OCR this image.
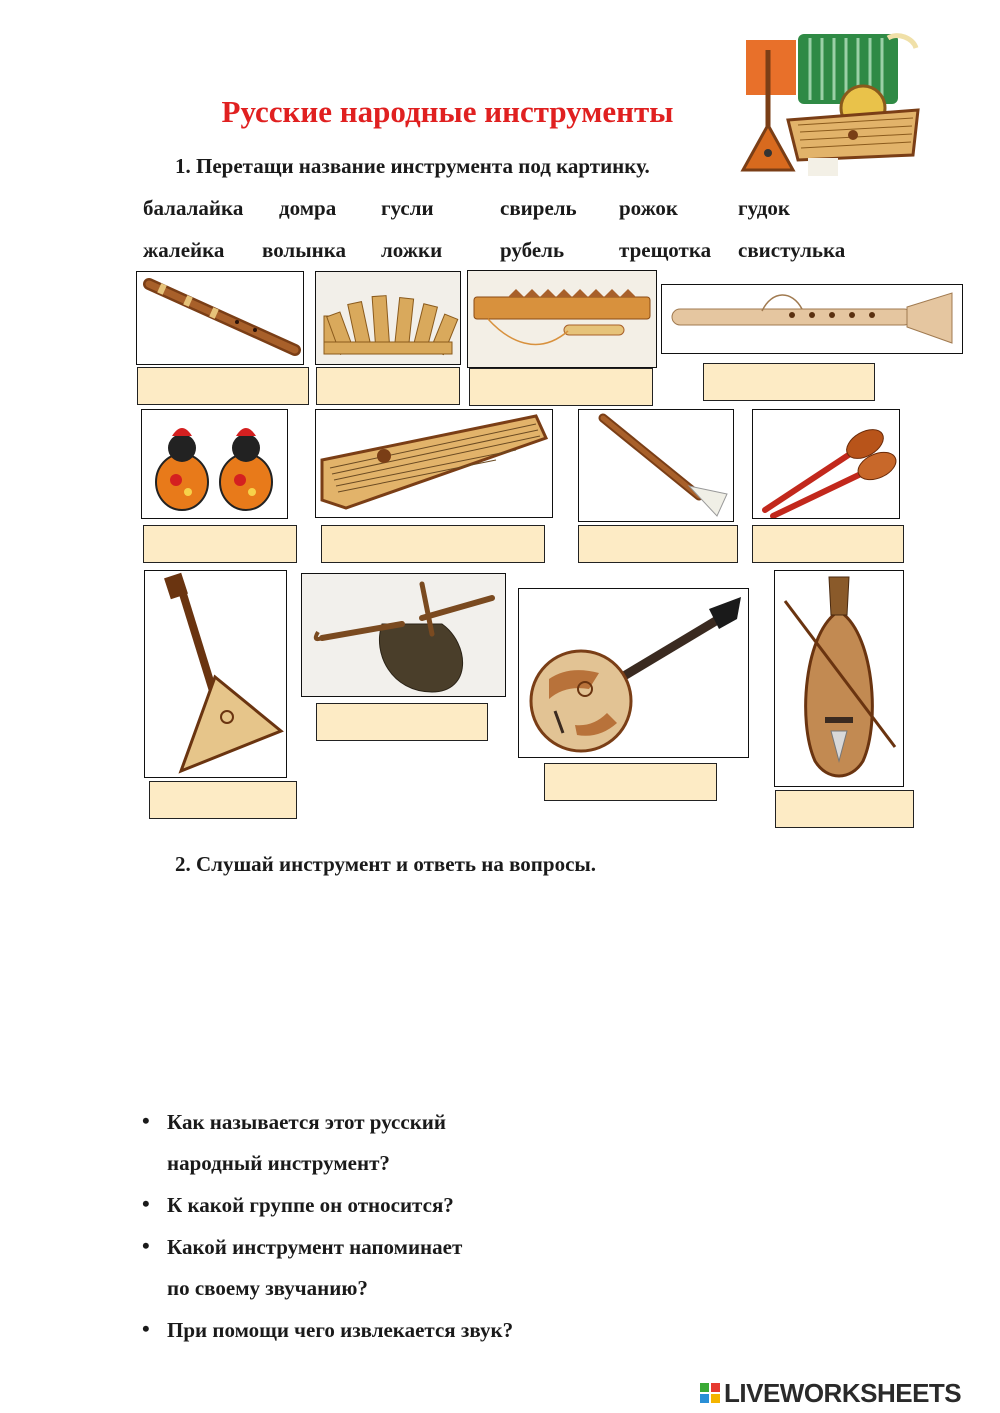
Русские народные инструменты
1. Перетащи название инструмента под картинку.
балалайка домра гусли	свирель рожок	гудок
жалейка волынка ложки	рубель	трещотка свистулька
2. Слушай инструмент и ответь на вопросы.
• Как называется этот русский
народный инструмент?
• К какой группе он относится?
• Какой инструмент напоминает
по своему звучанию?
• При помощи чего извлекается звук?
LIVEWORKSHEETS
